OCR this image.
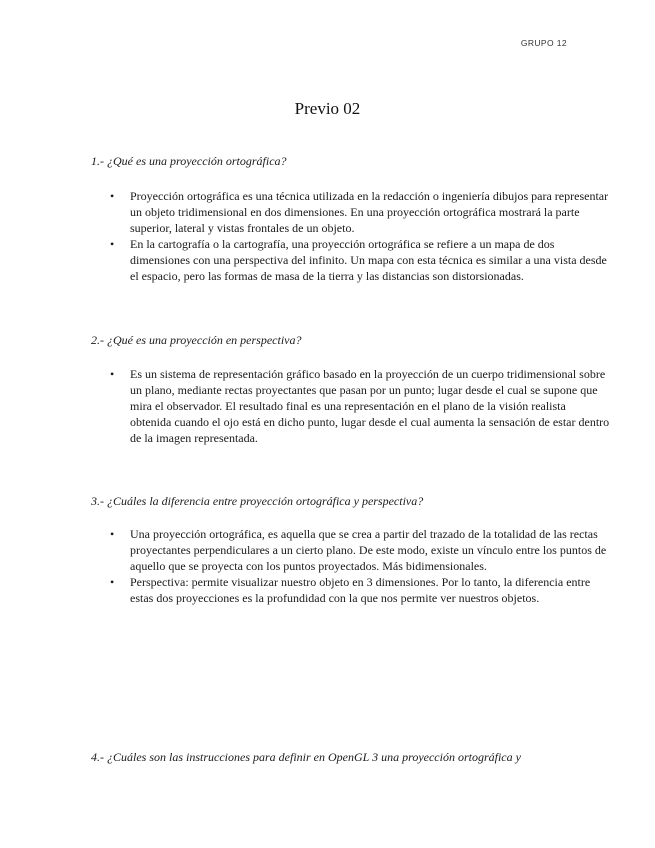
GRUPO 12
Previo 02
1.- ¿Qué es una proyección ortográfica?
• Proyección ortográfica es una técnica utilizada en la redacción o ingeniería dibujos para representar un objeto tridimensional en dos dimensiones. En una proyección ortográfica mostrará la parte superior, lateral y vistas frontales de un objeto.
• En la cartografía o la cartografía, una proyección ortográfica se refiere a un mapa de dos dimensiones con una perspectiva del infinito. Un mapa con esta técnica es similar a una vista desde el espacio, pero las formas de masa de la tierra y las distancias son distorsionadas.
2.- ¿Qué es una proyección en perspectiva?
• Es un sistema de representación gráfico basado en la proyección de un cuerpo tridimensional sobre un plano, mediante rectas proyectantes que pasan por un punto; lugar desde el cual se supone que mira el observador. El resultado final es una representación en el plano de la visión realista obtenida cuando el ojo está en dicho punto, lugar desde el cual aumenta la sensación de estar dentro de la imagen representada.
3.- ¿Cuáles la diferencia entre proyección ortográfica y perspectiva?
• Una proyección ortográfica, es aquella que se crea a partir del trazado de la totalidad de las rectas proyectantes perpendiculares a un cierto plano. De este modo, existe un vínculo entre los puntos de aquello que se proyecta con los puntos proyectados. Más bidimensionales.
• Perspectiva: permite visualizar nuestro objeto en 3 dimensiones. Por lo tanto, la diferencia entre estas dos proyecciones es la profundidad con la que nos permite ver nuestros objetos.
4.- ¿Cuáles son las instrucciones para definir en OpenGL 3 una proyección ortográfica y
